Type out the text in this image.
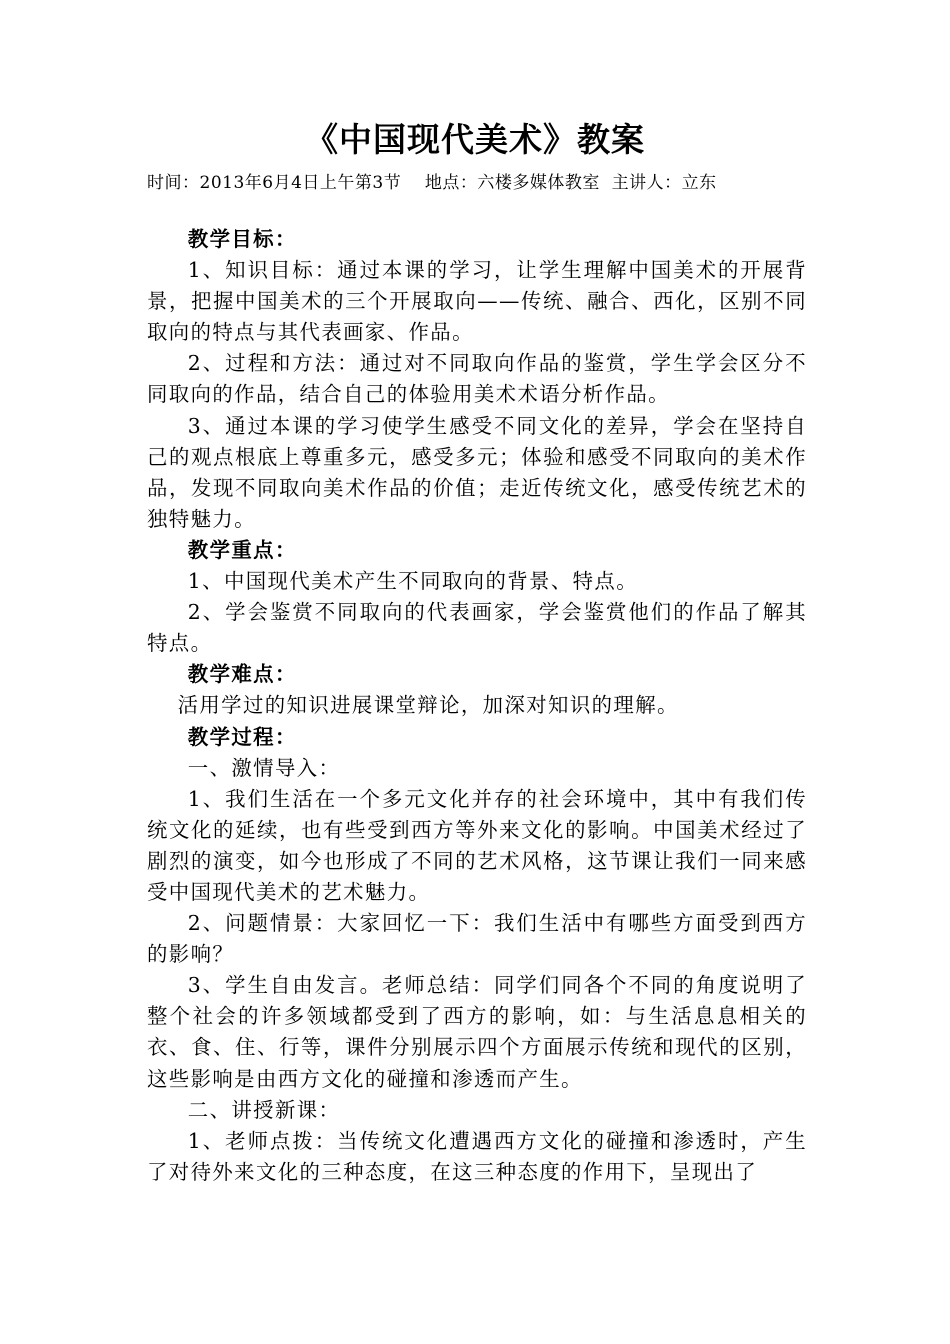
《中国现代美术》教案
时间：2013年6月4日上午第3节    地点：六楼多媒体教室  主讲人：立东

教学目标：

1、知识目标：通过本课的学习，让学生理解中国美术的开展背景，把握中国美术的三个开展取向——传统、融合、西化，区别不同取向的特点与其代表画家、作品。

2、过程和方法：通过对不同取向作品的鉴赏，学生学会区分不同取向的作品，结合自己的体验用美术术语分析作品。

3、通过本课的学习使学生感受不同文化的差异，学会在坚持自己的观点根底上尊重多元，感受多元；体验和感受不同取向的美术作品，发现不同取向美术作品的价值；走近传统文化，感受传统艺术的独特魅力。

教学重点：

1、中国现代美术产生不同取向的背景、特点。

2、学会鉴赏不同取向的代表画家，学会鉴赏他们的作品了解其特点。

教学难点：

活用学过的知识进展课堂辩论，加深对知识的理解。

教学过程：

一、激情导入：

1、我们生活在一个多元文化并存的社会环境中，其中有我们传统文化的延续，也有些受到西方等外来文化的影响。中国美术经过了剧烈的演变，如今也形成了不同的艺术风格，这节课让我们一同来感受中国现代美术的艺术魅力。

2、问题情景：大家回忆一下：我们生活中有哪些方面受到西方的影响？

3、学生自由发言。老师总结：同学们同各个不同的角度说明了整个社会的许多领域都受到了西方的影响，如：与生活息息相关的衣、食、住、行等，课件分别展示四个方面展示传统和现代的区别，这些影响是由西方文化的碰撞和渗透而产生。

二、讲授新课：

1、老师点拨：当传统文化遭遇西方文化的碰撞和渗透时，产生了对待外来文化的三种态度，在这三种态度的作用下，呈现出了
